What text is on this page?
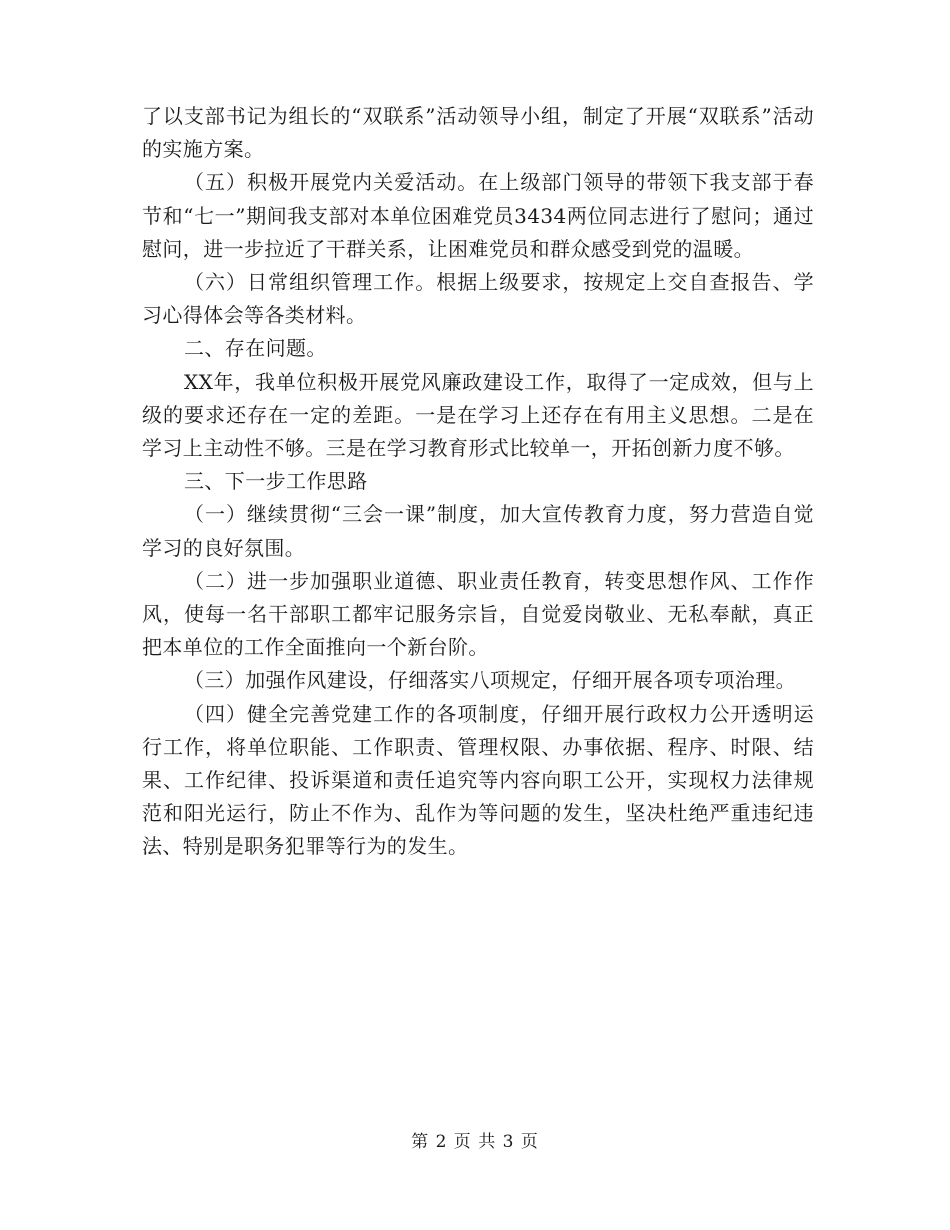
了以支部书记为组长的“双联系”活动领导小组，制定了开展“双联系”活动的实施方案。

（五）积极开展党内关爱活动。在上级部门领导的带领下我支部于春节和“七一”期间我支部对本单位困难党员3434两位同志进行了慰问；通过慰问，进一步拉近了干群关系，让困难党员和群众感受到党的温暖。

（六）日常组织管理工作。根据上级要求，按规定上交自查报告、学习心得体会等各类材料。

二、存在问题。

XX年，我单位积极开展党风廉政建设工作，取得了一定成效，但与上级的要求还存在一定的差距。一是在学习上还存在有用主义思想。二是在学习上主动性不够。三是在学习教育形式比较单一，开拓创新力度不够。

三、下一步工作思路

（一）继续贯彻“三会一课”制度，加大宣传教育力度，努力营造自觉学习的良好氛围。

（二）进一步加强职业道德、职业责任教育，转变思想作风、工作作风，使每一名干部职工都牢记服务宗旨，自觉爱岗敬业、无私奉献，真正把本单位的工作全面推向一个新台阶。

（三）加强作风建设，仔细落实八项规定，仔细开展各项专项治理。

（四）健全完善党建工作的各项制度，仔细开展行政权力公开透明运行工作，将单位职能、工作职责、管理权限、办事依据、程序、时限、结果、工作纪律、投诉渠道和责任追究等内容向职工公开，实现权力法律规范和阳光运行，防止不作为、乱作为等问题的发生，坚决杜绝严重违纪违法、特别是职务犯罪等行为的发生。

第 2 页 共 3 页
